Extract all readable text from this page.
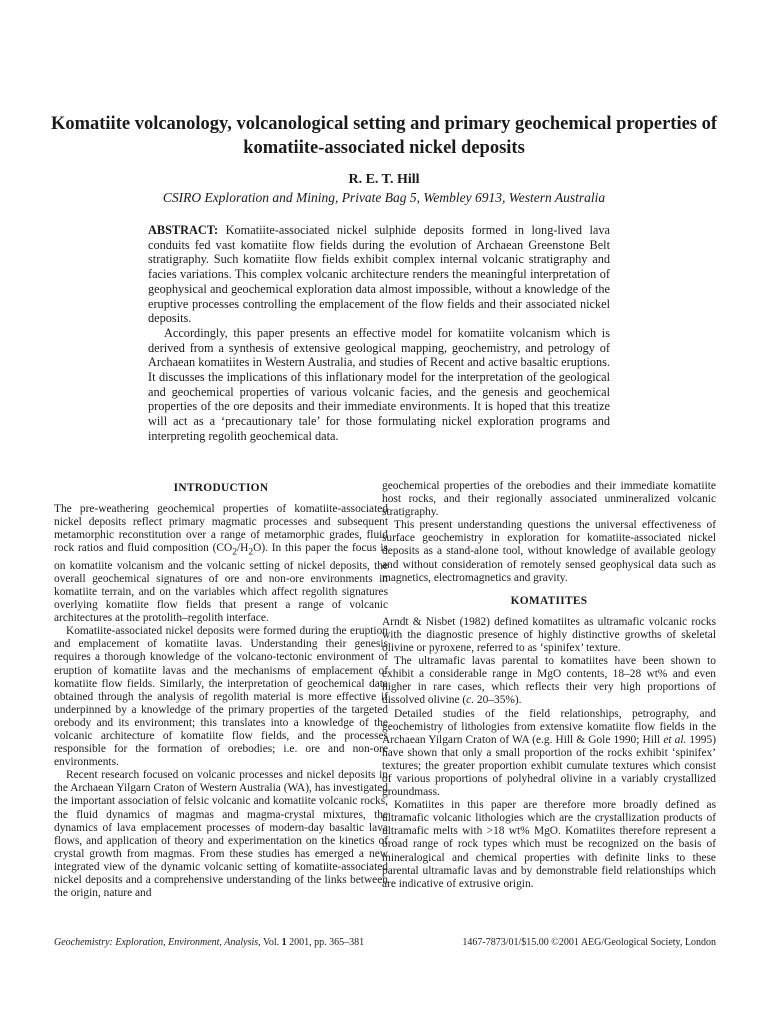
Komatiite volcanology, volcanological setting and primary geochemical properties of komatiite-associated nickel deposits
R. E. T. Hill
CSIRO Exploration and Mining, Private Bag 5, Wembley 6913, Western Australia

ABSTRACT: Komatiite-associated nickel sulphide deposits formed in long-lived lava conduits fed vast komatiite flow fields during the evolution of Archaean Greenstone Belt stratigraphy. Such komatiite flow fields exhibit complex internal volcanic stratigraphy and facies variations. This complex volcanic architecture renders the meaningful interpretation of geophysical and geochemical exploration data almost impossible, without a knowledge of the eruptive processes controlling the emplacement of the flow fields and their associated nickel deposits.

Accordingly, this paper presents an effective model for komatiite volcanism which is derived from a synthesis of extensive geological mapping, geochemistry, and petrology of Archaean komatiites in Western Australia, and studies of Recent and active basaltic eruptions. It discusses the implications of this inflationary model for the interpretation of the geological and geochemical properties of various volcanic facies, and the genesis and geochemical properties of the ore deposits and their immediate environments. It is hoped that this treatize will act as a ‘precautionary tale’ for those formulating nickel exploration programs and interpreting regolith geochemical data.

INTRODUCTION

The pre-weathering geochemical properties of komatiite-associated nickel deposits reflect primary magmatic processes and subsequent metamorphic reconstitution over a range of metamorphic grades, fluid rock ratios and fluid composition $(CO_2/H_2O)$. In this paper the focus is on komatiite volcanism and the volcanic setting of nickel deposits, the overall geochemical signatures of ore and non-ore environments in komatiite terrain, and on the variables which affect regolith signatures overlying komatiite flow fields that present a range of volcanic architectures at the protolith–regolith interface.

Komatiite-associated nickel deposits were formed during the eruption and emplacement of komatiite lavas. Understanding their genesis requires a thorough knowledge of the volcano-tectonic environment of eruption of komatiite lavas and the mechanisms of emplacement of komatiite flow fields. Similarly, the interpretation of geochemical data obtained through the analysis of regolith material is more effective if underpinned by a knowledge of the primary properties of the targeted orebody and its environment; this translates into a knowledge of the volcanic architecture of komatiite flow fields, and the processes responsible for the formation of orebodies; i.e. ore and non-ore environments.

Recent research focused on volcanic processes and nickel deposits in the Archaean Yilgarn Craton of Western Australia (WA), has investigated the important association of felsic volcanic and komatiite volcanic rocks, the fluid dynamics of magmas and magma-crystal mixtures, the dynamics of lava emplacement processes of modern-day basaltic lava flows, and application of theory and experimentation on the kinetics of crystal growth from magmas. From these studies has emerged a new integrated view of the dynamic volcanic setting of komatiite-associated nickel deposits and a comprehensive understanding of the links between the origin, nature and

geochemical properties of the orebodies and their immediate komatiite host rocks, and their regionally associated unmineralized volcanic stratigraphy.

This present understanding questions the universal effectiveness of surface geochemistry in exploration for komatiite-associated nickel deposits as a stand-alone tool, without knowledge of available geology and without consideration of remotely sensed geophysical data such as magnetics, electromagnetics and gravity.

KOMATIITES

Arndt & Nisbet (1982) defined komatiites as ultramafic volcanic rocks with the diagnostic presence of highly distinctive growths of skeletal olivine or pyroxene, referred to as ‘spinifex’ texture.

The ultramafic lavas parental to komatiites have been shown to exhibit a considerable range in MgO contents, 18–28 wt% and even higher in rare cases, which reflects their very high proportions of dissolved olivine (c. 20–35%).

Detailed studies of the field relationships, petrography, and geochemistry of lithologies from extensive komatiite flow fields in the Archaean Yilgarn Craton of WA (e.g. Hill & Gole 1990; Hill et al. 1995) have shown that only a small proportion of the rocks exhibit ‘spinifex’ textures; the greater proportion exhibit cumulate textures which consist of various proportions of polyhedral olivine in a variably crystallized groundmass.

Komatiites in this paper are therefore more broadly defined as ultramafic volcanic lithologies which are the crystallization products of ultramafic melts with >18 wt% MgO. Komatiites therefore represent a broad range of rock types which must be recognized on the basis of mineralogical and chemical properties with definite links to these parental ultramafic lavas and by demonstrable field relationships which are indicative of extrusive origin.

Geochemistry: Exploration, Environment, Analysis, Vol. 1 2001, pp. 365–381	1467-7873/01/$15.00 ©2001 AEG/Geological Society, London
